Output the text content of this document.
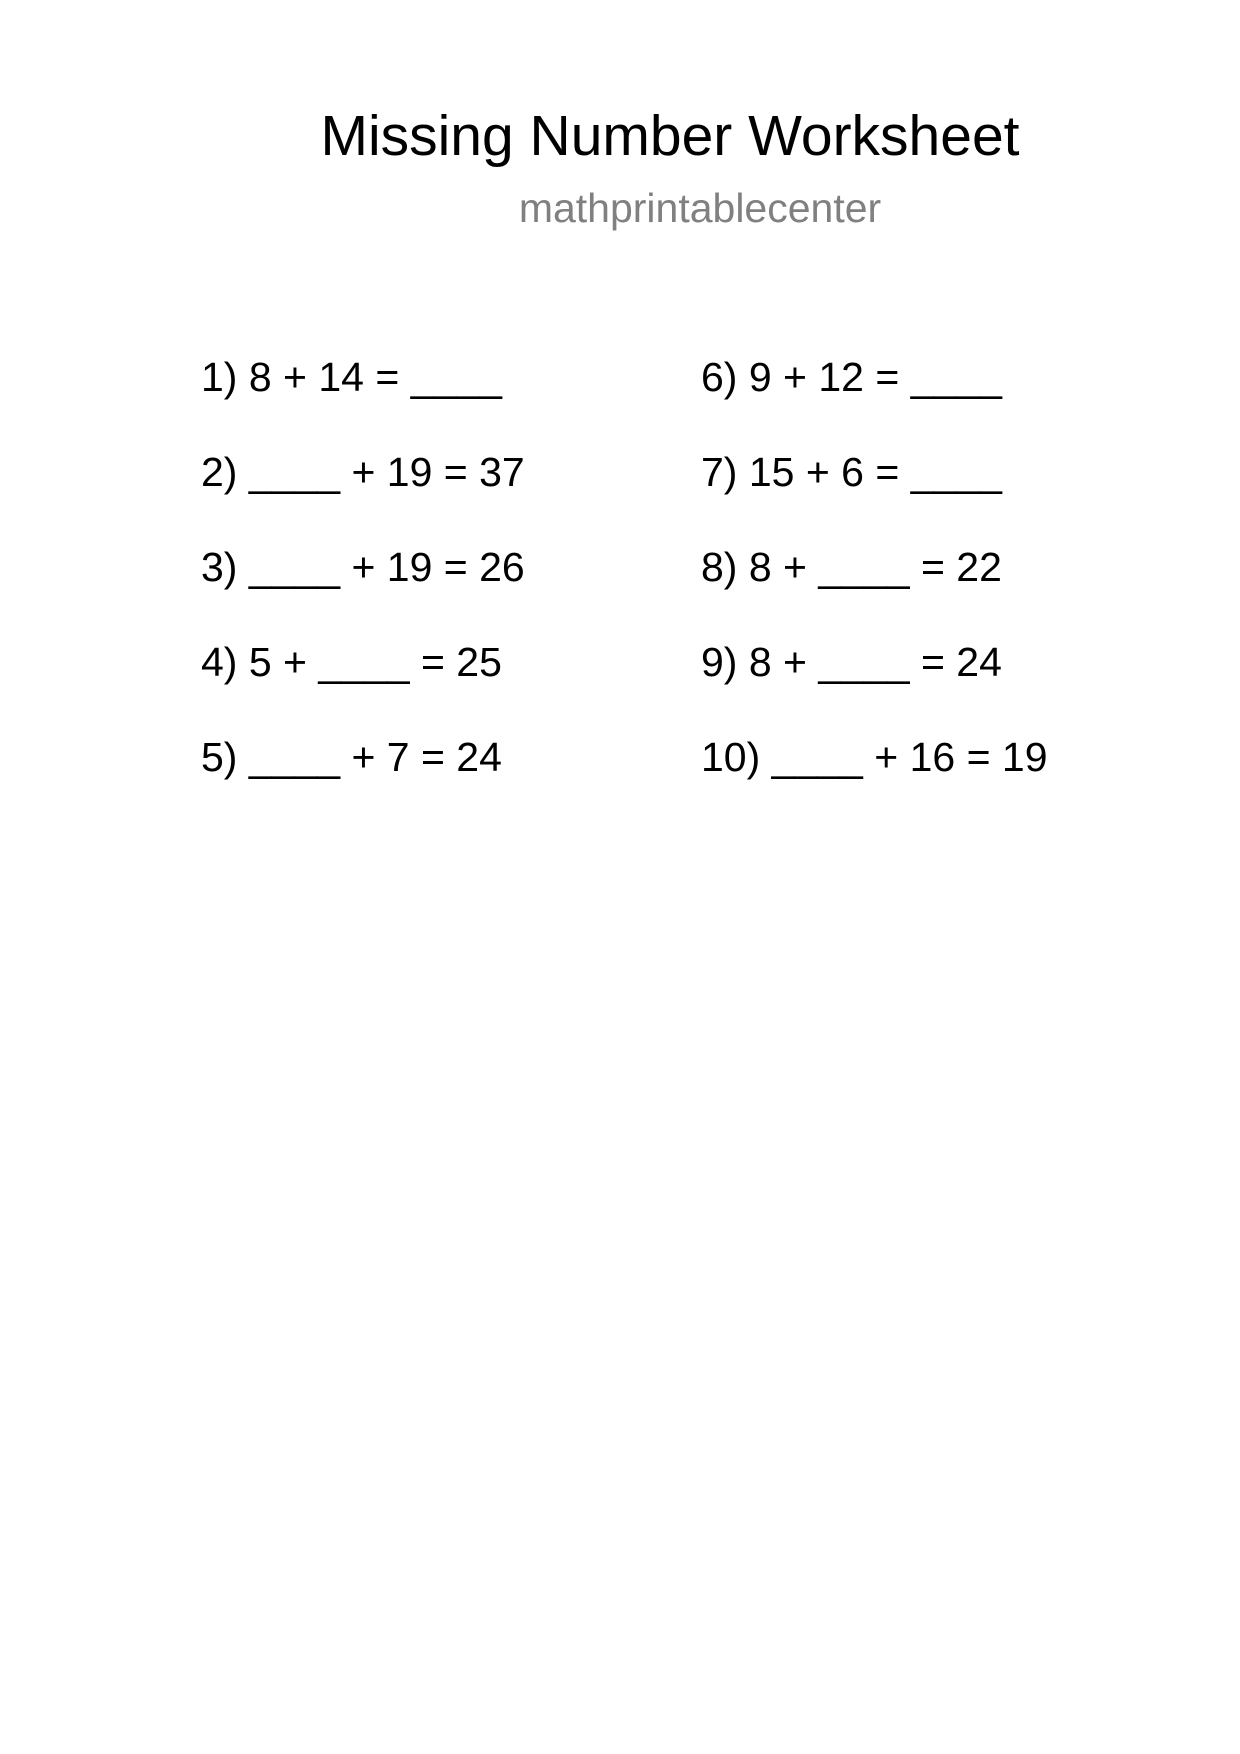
Missing Number Worksheet
mathprintablecenter
1) 8 + 14 = ____
2) ____ + 19 = 37
3) ____ + 19 = 26
4) 5 + ____ = 25
5) ____ + 7 = 24
6) 9 + 12 = ____
7) 15 + 6 = ____
8) 8 + ____ = 22
9) 8 + ____ = 24
10) ____ + 16 = 19
